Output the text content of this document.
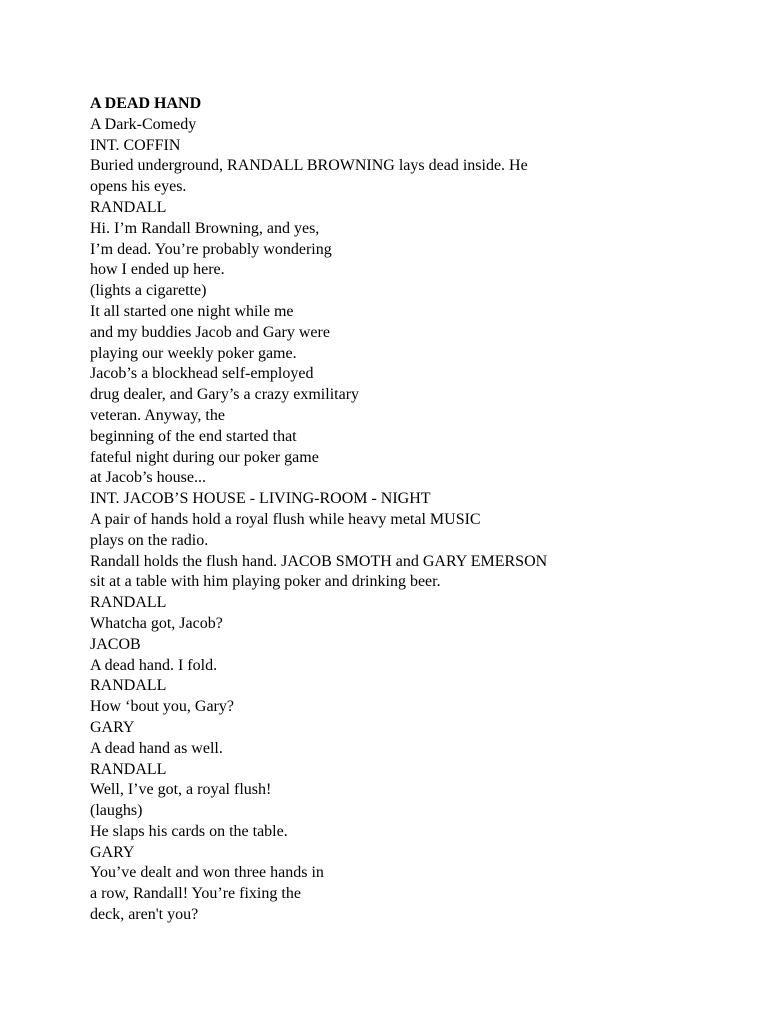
A DEAD HAND
A Dark-Comedy
INT. COFFIN
Buried underground, RANDALL BROWNING lays dead inside. He
opens his eyes.
RANDALL
Hi. I’m Randall Browning, and yes,
I’m dead. You’re probably wondering
how I ended up here.
(lights a cigarette)
It all started one night while me
and my buddies Jacob and Gary were
playing our weekly poker game.
Jacob’s a blockhead self-employed
drug dealer, and Gary’s a crazy exmilitary
veteran. Anyway, the
beginning of the end started that
fateful night during our poker game
at Jacob’s house...
INT. JACOB’S HOUSE - LIVING-ROOM - NIGHT
A pair of hands hold a royal flush while heavy metal MUSIC
plays on the radio.
Randall holds the flush hand. JACOB SMOTH and GARY EMERSON
sit at a table with him playing poker and drinking beer.
RANDALL
Whatcha got, Jacob?
JACOB
A dead hand. I fold.
RANDALL
How ‘bout you, Gary?
GARY
A dead hand as well.
RANDALL
Well, I’ve got, a royal flush!
(laughs)
He slaps his cards on the table.
GARY
You’ve dealt and won three hands in
a row, Randall! You’re fixing the
deck, aren't you?
